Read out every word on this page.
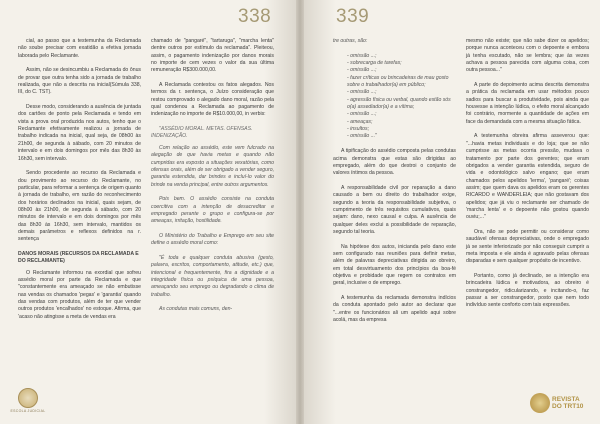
338

cial, ao passo que a testemunha da Reclamada não soube precisar com exatidão a efetiva jornada laborada pelo Reclamante.

Assim, não se desincumbiu a Reclamada do ônus de provar que outra tenha sido a jornada de trabalho realizada, que não a descrita na inicial(Súmula 338, III, do C. TST).

Desse modo, considerando a ausência de juntada dos cartões de ponto pela Reclamada e tendo em vista a prova oral produzida nos autos, tenho que o Reclamante efetivamente realizou a jornada de trabalho indicada na inicial, qual seja, de 08h00 às 21h00, de segunda à sábado, com 20 minutos de intervalo e em dois domingos por mês das 8h30 às 16h30, sem intervalo.

Sendo procedente ao recurso da Reclamada e dou provimento ao recurso do Reclamante, no particular, para reformar a sentença de origem quanto à jornada de trabalho, em razão do reconhecimento dos horários declinados na inicial, quais sejam, de 08h00 às 21h00, de segunda à sábado, com 20 minutos de intervalo e em dois domingos por mês das 8h30 às 16h30, sem intervalo, mantidos os demais parâmetros e reflexos definidos na r. sentença

DANOS MORAIS (RECURSOS DA RECLAMADA E DO RECLAMANTE)

O Reclamante informou na exordial que sofreu assédio moral por parte da Reclamada e que "constantemente era ameaçado se não embutisse nas vendas os chamados 'pegas' e 'garantia' quando das vendas com produtos, além de ter que vender outros produtos 'encalhados' no estoque. Afirma, que 'acaso não atingisse a meta de vendas era

chamado de "pangaré", "tartaruga", "marcha lenta" dentre outros por estímulo da reclamada". Pleiteou, assim, o pagamento indenização por danos morais no importe de cem vezes o valor da sua última remuneração R$300.000,00.

A Reclamada contestou os fatos alegados. Nos termos da r. sentença, o Juízo consideração que restou comprovado o alegado dano moral, razão pela qual condenou a Reclamada ao pagamento de indenização no importe de R$10.000,00, in verbis:

"ASSÉDIO MORAL. METAS. OFENSAS. INDENIZAÇÃO.

Com relação ao assédio, este vem fulcrado na alegação de que havia metas e quando não cumpridas era exposto a situações vexatórias, como ofensas orais, além de ser obrigado a vender seguro, garantia estendida, dar brindes e incluí-lo valor do brinde na venda principal, entre outros argumentos.

Pois bem. O assédio consiste na conduta coercitiva com a intenção de desacreditar e empregado perante o grupo e configura-se por ameaças, irritação, hostilidade.

O Ministério do Trabalho e Emprego em seu site define o assédio moral como:

"É toda e qualquer conduta abusiva (gesto, palavra, escritos, comportamento, atitude, etc.) que, intencional e frequentemente, fira a dignidade e a integridade física ou psíquica de uma pessoa, ameaçando seu emprego ou degradando o clima de trabalho.

As condutas mais comuns, den-

ESCOLA JUDICIAL
339

tre outras, são:

- omissão ...;
- sobrecarga de tarefas;
- omissão ...;
- fazer críticas ou brincadeiras de mau gosto sobre o trabalhador(a) em público;
- omissão ...;
- agressão física ou verbal, quando estão sós o(a) assediador(a) e a vítima;
- omissão ...;
- ameaças;
- insultos;
- omissão ..."

A tipificação do assédio composta pelas condutas acima demonstra que estas são dirigidas ao empregado, além do que destroi o conjunto de valores íntimos da pessoa.

A responsabilidade civil por reparação a dano causado a bem ou direito do trabalhador exige, segundo a teoria da responsabilidade subjetiva, o cumprimento de três requisitos cumulativos, quais sejam: dano, nexo causal e culpa. A ausência de qualquer deles exclui a possibilidade de reparação, segundo tal teoria.

Na hipótese dos autos, inicianda pelo dano este sem configurado nas reuniões para definir metas, além de palavras depreciativas dirigida ao obreiro, em total desvirtuamento dos princípios da boa-fé objetiva e probidade que regem os contratos em geral, inclusive o de emprego.

A testemunha da reclamada demonstra indícios da conduta apontado pelo autor ao declarar que "...entre os funcionários ali um apelido aqui sobre acolá, mas da empresa

mesmo não existe; que não sabe dizer os apelidos; porque nunca aconteceu com o depoente e embora já tenha escutado, não se lembra; que às vezes achava a pessoa parecida com alguma coisa, com outra pessoa..."

A parte do depoimento acima descrita demonstra a prática da reclamada em usar métodos pouco sadios para buscar a produtividade, pois ainda que houvesse a intenção lúdica, o efeito moral alcançado foi contrário, mormente a quantidade de ações em face da demandada com a mesma situação fática.

A testemunha obreira afirma asseverou que: "...havia metas individuais e do loja; que se não cumprisse as metas ocorria pressão, mudava o tratamento por parte dos gerentes; que eram obrigados a vender garantia estendida, seguro de vida e odontológico salvo engano; que eram chamados pelos apelidos 'lerma', 'pangaré'; coisas assim; que quem dava os apelidos eram os gerentes RICARDO e WANDERLEIA; que não gostavam dos apelidos; que já viu o reclamante ser chamado de 'marcha lenta' e o depoente não gostou quando ouviu;..."

Ora, não se pode permitir ou considerar como saudável ofensas depreciativas, onde o empregado já se sente inferiorizado por não conseguir cumprir a meta imposta e ele ainda é agravado pelas ofensas disparadas e sem qualquer propósito de incentivo.

Portanto, como já declinado, se a intenção era brincadeira lúdica e motivadora, ao obreiro é constrangedor, ridicularizando, e incitando-o, faz passar a ser constrangedor, posto que nem todo indivíduo sente conforto com tais expressões.

REVISTA
DO TRT10
